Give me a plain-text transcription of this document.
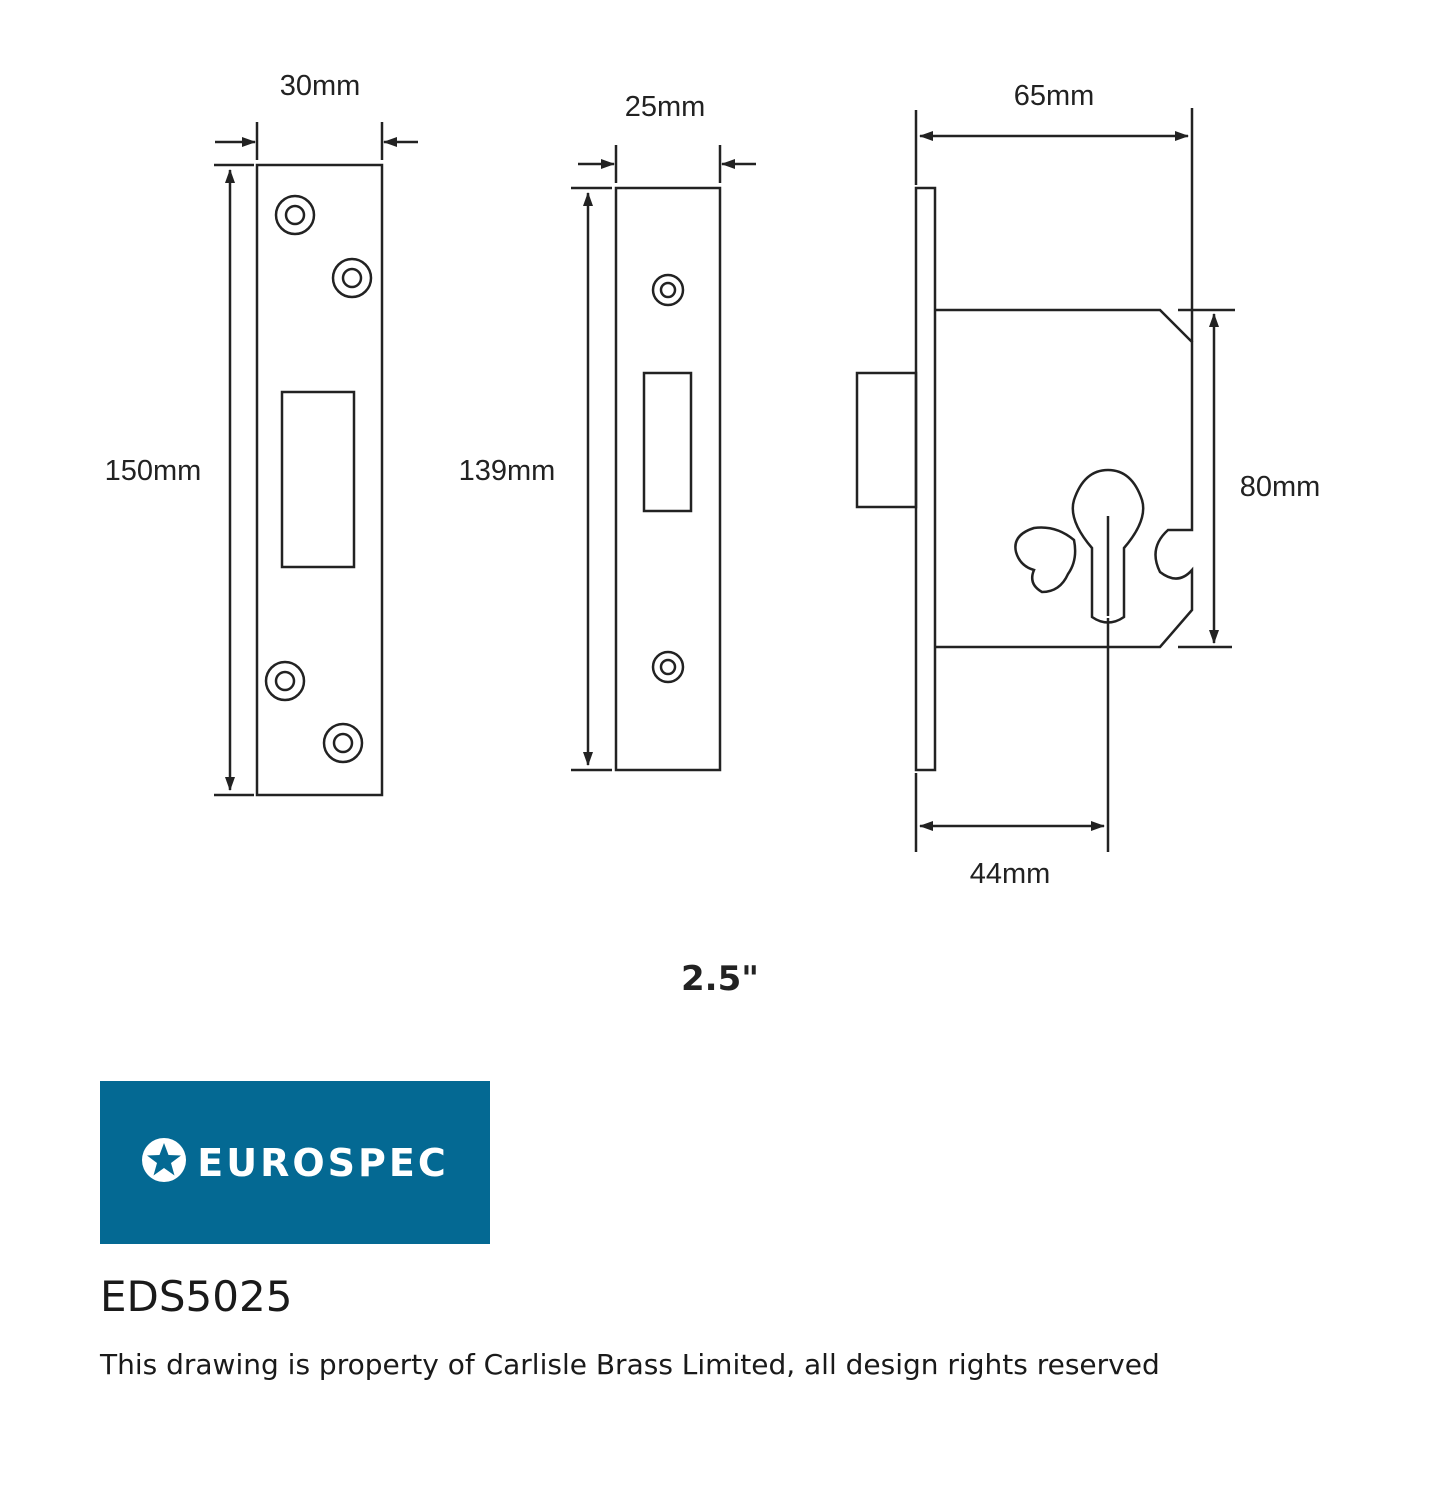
30mm
150mm
25mm
139mm
65mm
80mm
44mm
2.5"
EUROSPEC
EDS5025
This drawing is property of Carlisle Brass Limited, all design rights reserved
